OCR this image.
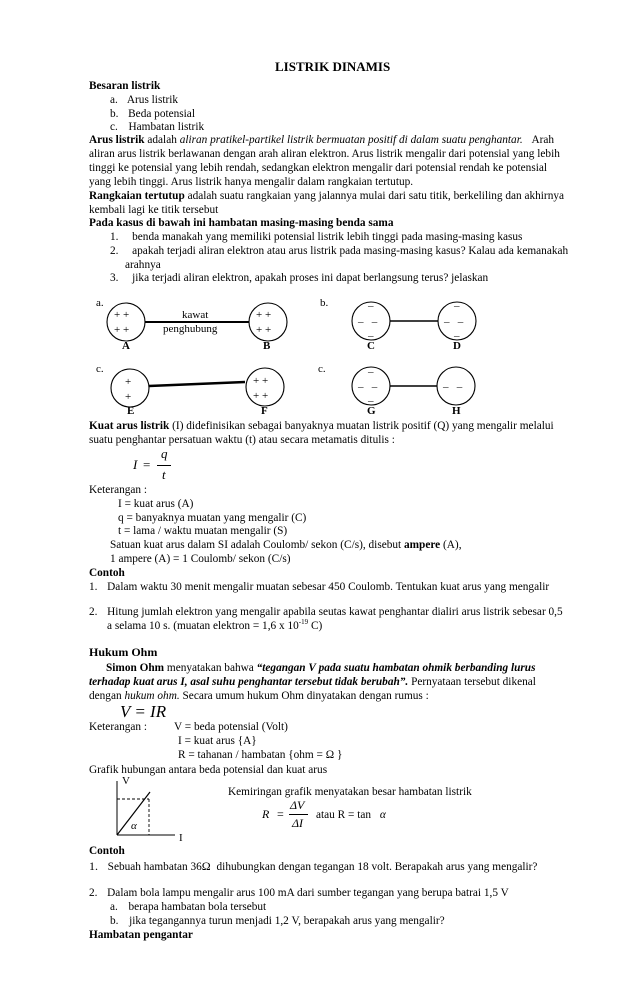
LISTRIK DINAMIS
Besaran listrik
a. Arus listrik
b. Beda potensial
c. Hambatan listrik
Arus listrik adalah aliran pratikel-partikel listrik bermuatan positif di dalam suatu penghantar. Arah
aliran arus listrik berlawanan dengan arah aliran elektron. Arus listrik mengalir dari potensial yang lebih
tinggi ke potensial yang lebih rendah, sedangkan elektron mengalir dari potensial rendah ke potensial
yang lebih tinggi. Arus listrik hanya mengalir dalam rangkaian tertutup.
Rangkaian tertutup adalah suatu rangkaian yang jalannya mulai dari satu titik, berkeliling dan akhirnya
kembali lagi ke titik tersebut
Pada kasus di bawah ini hambatan masing-masing benda sama
1. benda manakah yang memiliki potensial listrik lebih tinggi pada masing-masing kasus
2. apakah terjadi aliran elektron atau arus listrik pada masing-masing kasus? Kalau ada kemanakah
arahnya
3. jika terjadi aliran elektron, apakah proses ini dapat berlangsung terus? jelaskan
a.
+ +
+ +
kawat
penghubung
+ +
+ +
A	B
b.	–
–   –
–
–
–   –
–
C	D
c.
+
+
+ +
+ +
E	F
c.	–
–   –
–
–   –
G	H
Kuat arus listrik (I) didefinisikan sebagai banyaknya muatan listrik positif (Q) yang mengalir melalui
suatu penghantar persatuan waktu (t) atau secara metamatis ditulis :
I =
q
t
Keterangan :
I = kuat arus (A)
q = banyaknya muatan yang mengalir (C)
t = lama / waktu muatan mengalir (S)
Satuan kuat arus dalam SI adalah Coulomb/ sekon (C/s), disebut ampere (A),
1 ampere (A) = 1 Coulomb/ sekon (C/s)
Contoh
1. Dalam waktu 30 menit mengalir muatan sebesar 450 Coulomb. Tentukan kuat arus yang mengalir
2. Hitung jumlah elektron yang mengalir apabila seutas kawat penghantar dialiri arus listrik sebesar 0,5
a selama 10 s. (muatan elektron = 1,6 x $10^{-19}$ C)
Hukum Ohm
Simon Ohm menyatakan bahwa “tegangan V pada suatu hambatan ohmik berbanding lurus
terhadap kuat arus I, asal suhu penghantar tersebut tidak berubah”. Pernyataan tersebut dikenal
dengan hukum ohm. Secara umum hukum Ohm dinyatakan dengan rumus :
V = IR
Keterangan : V = beda potensial (Volt)
I = kuat arus {A}
R = tahanan / hambatan {ohm = Ω }
Grafik hubungan antara beda potensial dan kuat arus
V
α
I
Kemiringan grafik menyatakan besar hambatan listrik
R =
ΔV
ΔI
atau R = tan α
Contoh
1. Sebuah hambatan 36Ω dihubungkan dengan tegangan 18 volt. Berapakah arus yang mengalir?
2. Dalam bola lampu mengalir arus 100 mA dari sumber tegangan yang berupa batrai 1,5 V
a. berapa hambatan bola tersebut
b. jika tegangannya turun menjadi 1,2 V, berapakah arus yang mengalir?
Hambatan pengantar
